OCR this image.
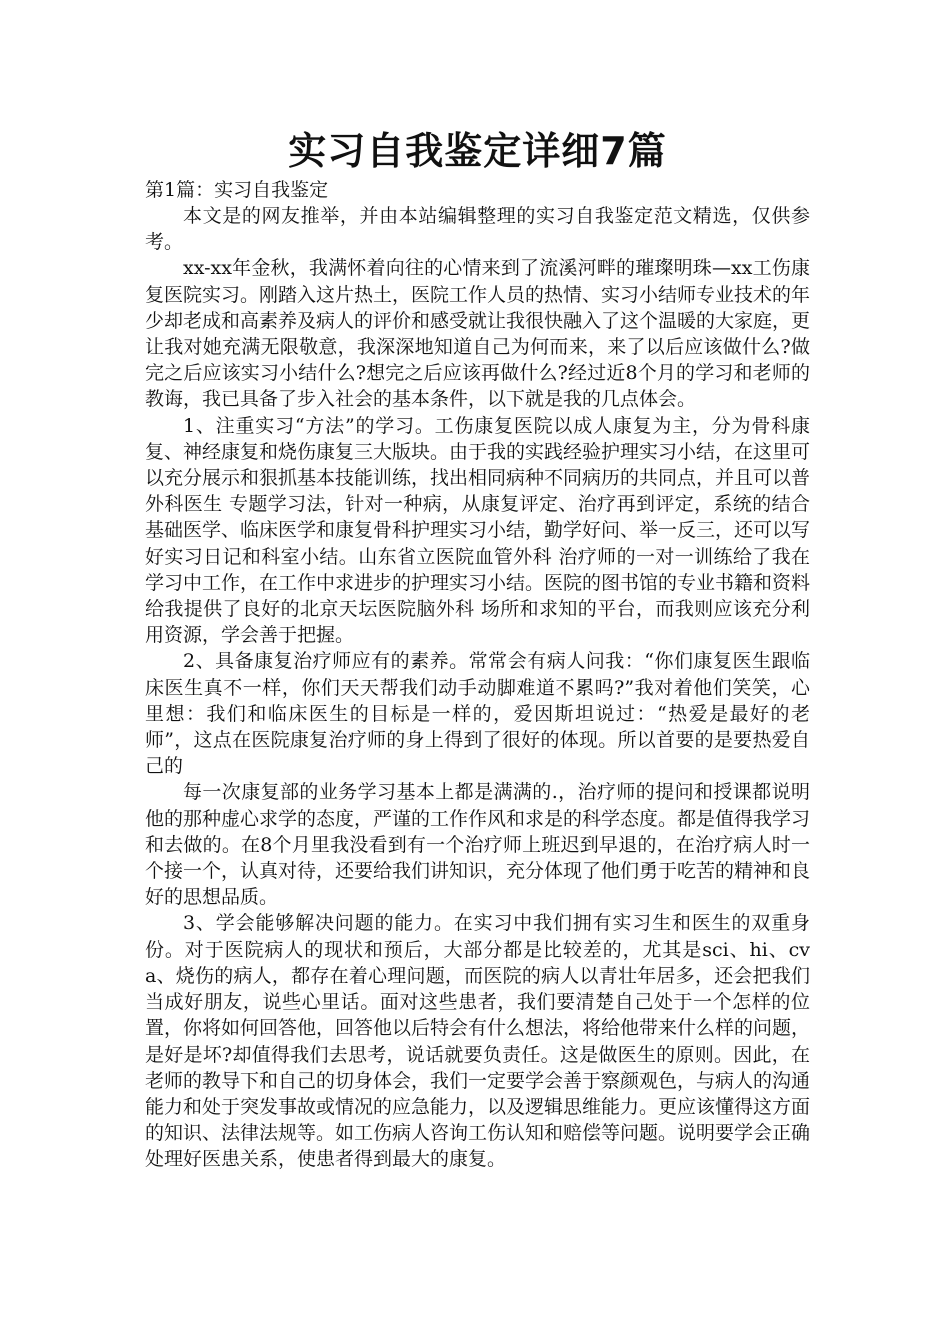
实习自我鉴定详细7篇

第1篇：实习自我鉴定

本文是的网友推举，并由本站编辑整理的实习自我鉴定范文精选，仅供参考。

xx-xx年金秋，我满怀着向往的心情来到了流溪河畔的璀璨明珠—xx工伤康复医院实习。刚踏入这片热土，医院工作人员的热情、实习小结师专业技术的年少却老成和高素养及病人的评价和感受就让我很快融入了这个温暖的大家庭，更让我对她充满无限敬意，我深深地知道自己为何而来，来了以后应该做什么?做完之后应该实习小结什么?想完之后应该再做什么?经过近8个月的学习和老师的教诲，我已具备了步入社会的基本条件，以下就是我的几点体会。

1、注重实习“方法”的学习。工伤康复医院以成人康复为主，分为骨科康复、神经康复和烧伤康复三大版块。由于我的实践经验护理实习小结，在这里可以充分展示和狠抓基本技能训练，找出相同病种不同病历的共同点，并且可以普外科医生 专题学习法，针对一种病，从康复评定、治疗再到评定，系统的结合基础医学、临床医学和康复骨科护理实习小结，勤学好问、举一反三，还可以写好实习日记和科室小结。山东省立医院血管外科 治疗师的一对一训练给了我在学习中工作，在工作中求进步的护理实习小结。医院的图书馆的专业书籍和资料给我提供了良好的北京天坛医院脑外科 场所和求知的平台，而我则应该充分利用资源，学会善于把握。

2、具备康复治疗师应有的素养。常常会有病人问我：“你们康复医生跟临床医生真不一样，你们天天帮我们动手动脚难道不累吗?”我对着他们笑笑，心里想：我们和临床医生的目标是一样的，爱因斯坦说过：“热爱是最好的老师”，这点在医院康复治疗师的身上得到了很好的体现。所以首要的是要热爱自己的

每一次康复部的业务学习基本上都是满满的.，治疗师的提问和授课都说明他的那种虚心求学的态度，严谨的工作作风和求是的科学态度。都是值得我学习和去做的。在8个月里我没看到有一个治疗师上班迟到早退的，在治疗病人时一个接一个，认真对待，还要给我们讲知识，充分体现了他们勇于吃苦的精神和良好的思想品质。

3、学会能够解决问题的能力。在实习中我们拥有实习生和医生的双重身份。对于医院病人的现状和预后，大部分都是比较差的，尤其是sci、hi、cva、烧伤的病人，都存在着心理问题，而医院的病人以青壮年居多，还会把我们当成好朋友，说些心里话。面对这些患者，我们要清楚自己处于一个怎样的位置，你将如何回答他，回答他以后特会有什么想法，将给他带来什么样的问题，是好是坏?却值得我们去思考，说话就要负责任。这是做医生的原则。因此，在老师的教导下和自己的切身体会，我们一定要学会善于察颜观色，与病人的沟通能力和处于突发事故或情况的应急能力，以及逻辑思维能力。更应该懂得这方面的知识、法律法规等。如工伤病人咨询工伤认知和赔偿等问题。说明要学会正确处理好医患关系，使患者得到最大的康复。
